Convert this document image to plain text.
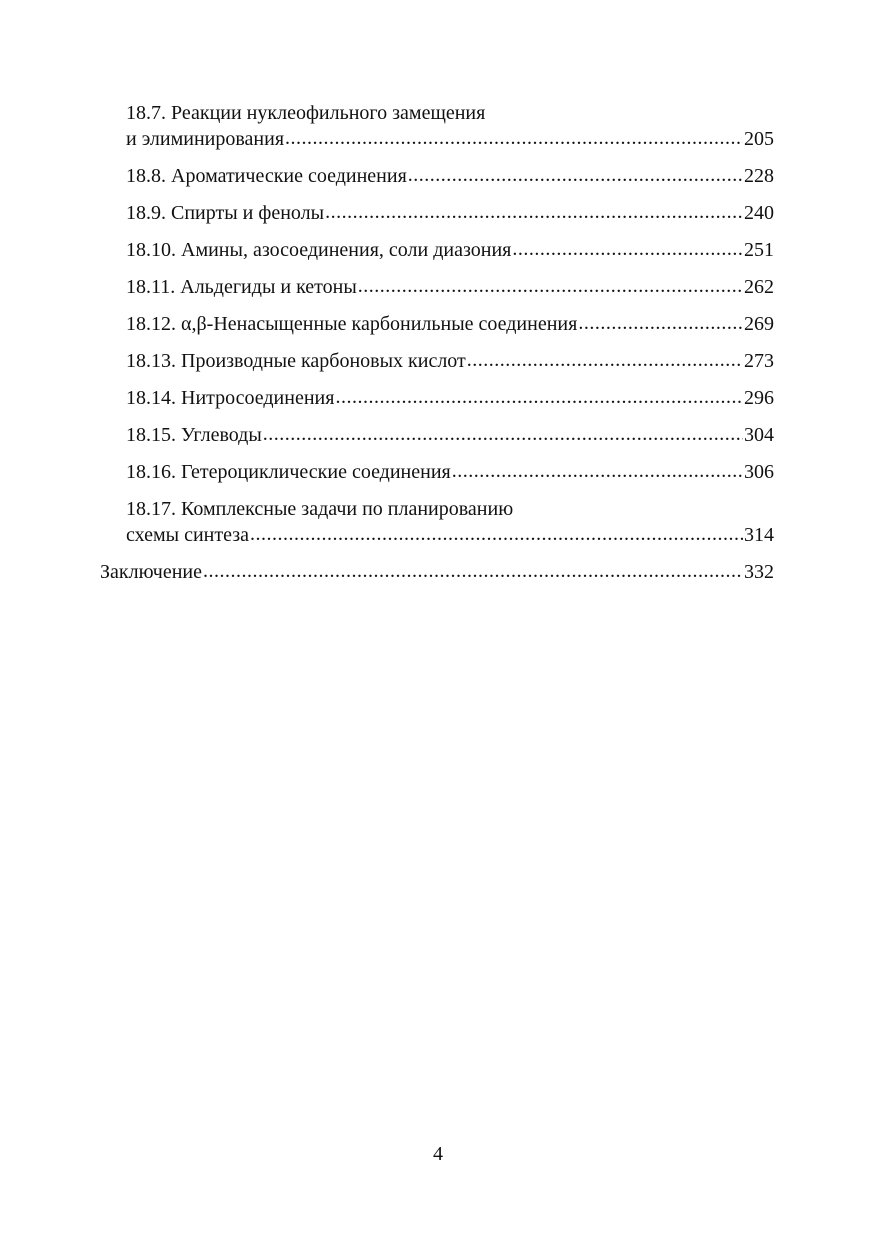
18.7. Реакции нуклеофильного замещения
и элиминирования .....	205
18.8. Ароматические соединения .....	228
18.9. Спирты и фенолы .....	240
18.10. Амины, азосоединения, соли диазония .....	251
18.11. Альдегиды и кетоны .....	262
18.12. α,β-Ненасыщенные карбонильные соединения .....	269
18.13. Производные карбоновых кислот .....	273
18.14. Нитросоединения .....	296
18.15. Углеводы .....	304
18.16. Гетероциклические соединения .....	306
18.17. Комплексные задачи по планированию
схемы синтеза .....	314
Заключение .....	332
4
